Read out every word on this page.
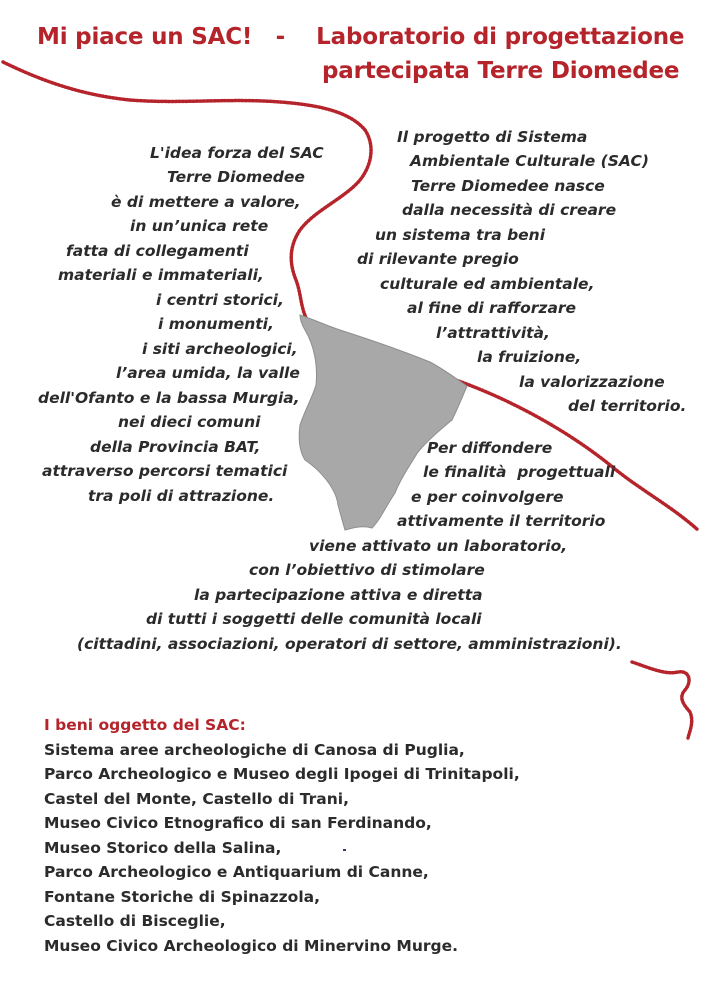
Mi piace un SAC!   -    Laboratorio di progettazione
partecipata Terre Diomedee
L'idea forza del SAC
Terre Diomedee
è di mettere a valore,
in un’unica rete
fatta di collegamenti
materiali e immateriali,
i centri storici,
i monumenti,
i siti archeologici,
l’area umida, la valle
dell'Ofanto e la bassa Murgia,
nei dieci comuni
della Provincia BAT,
attraverso percorsi tematici
tra poli di attrazione.
Il progetto di Sistema
Ambientale Culturale (SAC)
Terre Diomedee nasce
dalla necessità di creare
un sistema tra beni
di rilevante pregio
culturale ed ambientale,
al fine di rafforzare
l’attrattività,
la fruizione,
la valorizzazione
del territorio.
Per diffondere
le finalità  progettuali
e per coinvolgere
attivamente il territorio
viene attivato un laboratorio,
con l’obiettivo di stimolare
la partecipazione attiva e diretta
di tutti i soggetti delle comunità locali
(cittadini, associazioni, operatori di settore, amministrazioni).
I beni oggetto del SAC:
Sistema aree archeologiche di Canosa di Puglia,
Parco Archeologico e Museo degli Ipogei di Trinitapoli,
Castel del Monte, Castello di Trani,
Museo Civico Etnografico di san Ferdinando,
Museo Storico della Salina,
Parco Archeologico e Antiquarium di Canne,
Fontane Storiche di Spinazzola,
Castello di Bisceglie,
Museo Civico Archeologico di Minervino Murge.
